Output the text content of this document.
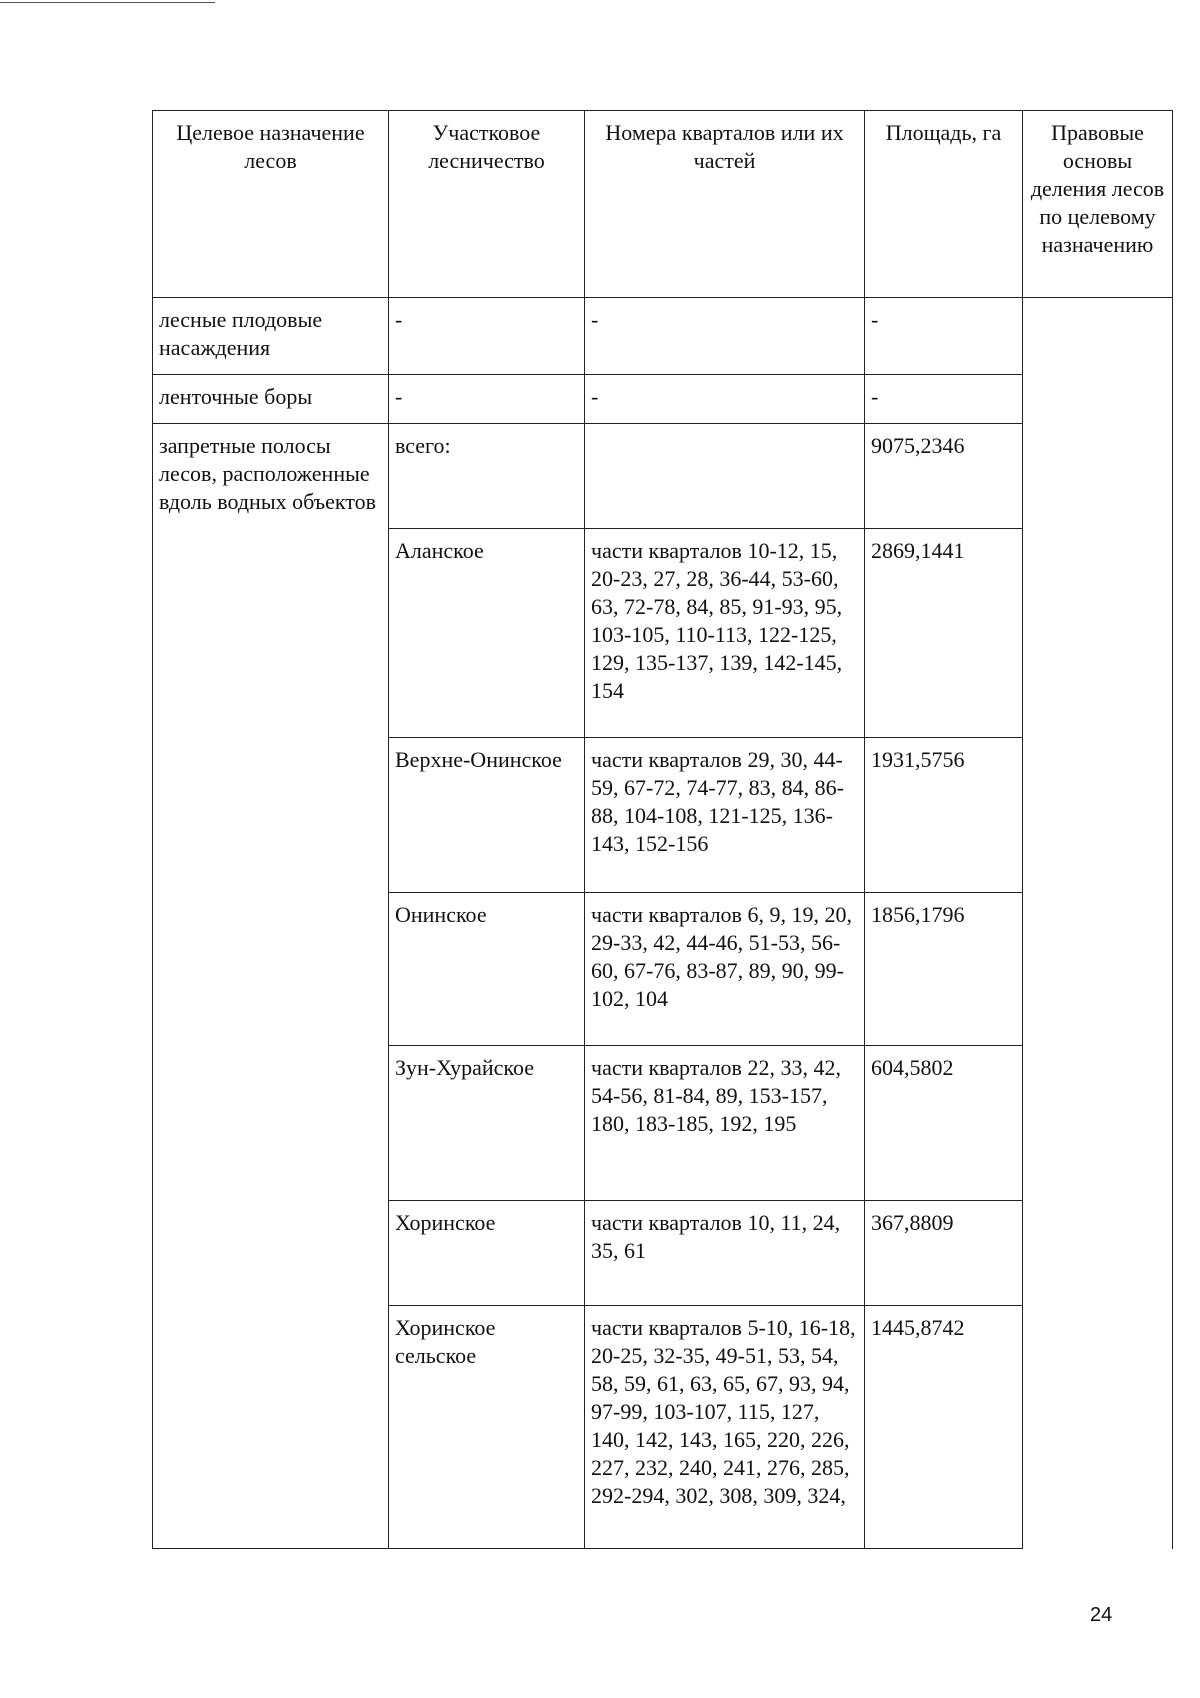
Целевое назначение лесов	Участковое лесничество	Номера кварталов или их частей	Площадь, га	Правовые основы деления лесов по целевому назначению
лесные плодовые насаждения	-	-	-	
ленточные боры	-	-	-	
запретные полосы лесов, расположенные вдоль водных объектов	всего:		9075,2346	
	Аланское	части кварталов 10-12, 15, 20-23, 27, 28, 36-44, 53-60, 63, 72-78, 84, 85, 91-93, 95, 103-105, 110-113, 122-125, 129, 135-137, 139, 142-145, 154	2869,1441	
	Верхне-Онинское	части кварталов 29, 30, 44-59, 67-72, 74-77, 83, 84, 86-88, 104-108, 121-125, 136-143, 152-156	1931,5756	
	Онинское	части кварталов 6, 9, 19, 20, 29-33, 42, 44-46, 51-53, 56-60, 67-76, 83-87, 89, 90, 99-102, 104	1856,1796	
	Зун-Хурайское	части кварталов 22, 33, 42, 54-56, 81-84, 89, 153-157, 180, 183-185, 192, 195	604,5802	
	Хоринское	части кварталов 10, 11, 24, 35, 61	367,8809	
	Хоринское сельское	части кварталов 5-10, 16-18, 20-25, 32-35, 49-51, 53, 54, 58, 59, 61, 63, 65, 67, 93, 94, 97-99, 103-107, 115, 127, 140, 142, 143, 165, 220, 226, 227, 232, 240, 241, 276, 285, 292-294, 302, 308, 309, 324,	1445,8742	
24
